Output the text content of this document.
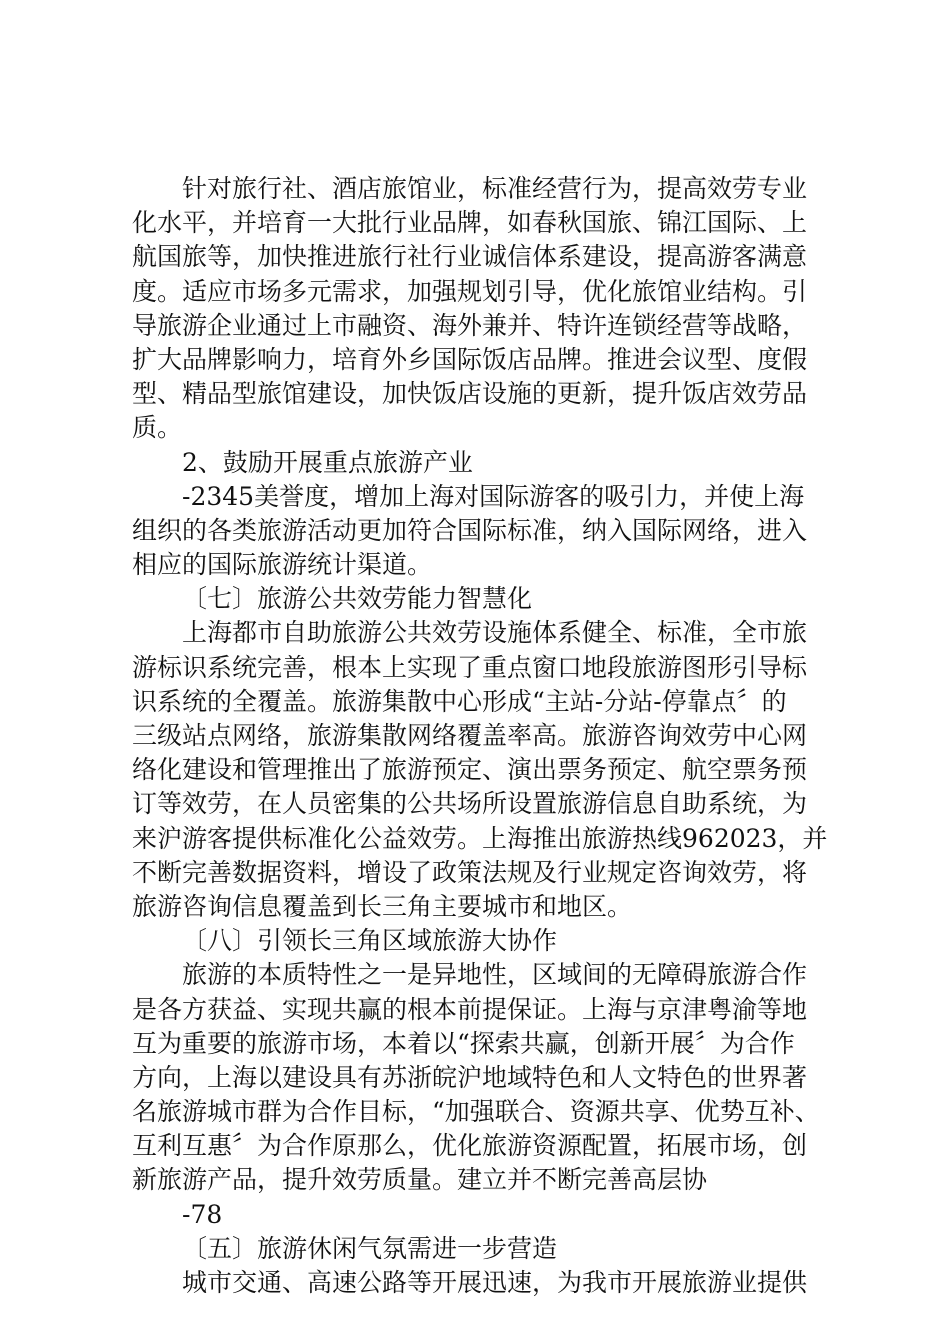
针对旅行社、酒店旅馆业，标准经营行为，提高效劳专业
化水平，并培育一大批行业品牌，如春秋国旅、锦江国际、上
航国旅等，加快推进旅行社行业诚信体系建设，提高游客满意
度。适应市场多元需求，加强规划引导，优化旅馆业结构。引
导旅游企业通过上市融资、海外兼并、特许连锁经营等战略，
扩大品牌影响力，培育外乡国际饭店品牌。推进会议型、度假
型、精品型旅馆建设，加快饭店设施的更新，提升饭店效劳品
质。
2、鼓励开展重点旅游产业
-2345美誉度，增加上海对国际游客的吸引力，并使上海
组织的各类旅游活动更加符合国际标准，纳入国际网络，进入
相应的国际旅游统计渠道。
〔七〕旅游公共效劳能力智慧化
上海都市自助旅游公共效劳设施体系健全、标准，全市旅
游标识系统完善，根本上实现了重点窗口地段旅游图形引导标
识系统的全覆盖。旅游集散中心形成“主站-分站-停靠点〞的
三级站点网络，旅游集散网络覆盖率高。旅游咨询效劳中心网
络化建设和管理推出了旅游预定、演出票务预定、航空票务预
订等效劳，在人员密集的公共场所设置旅游信息自助系统，为
来沪游客提供标准化公益效劳。上海推出旅游热线962023，并
不断完善数据资料，增设了政策法规及行业规定咨询效劳，将
旅游咨询信息覆盖到长三角主要城市和地区。
〔八〕引领长三角区域旅游大协作
旅游的本质特性之一是异地性，区域间的无障碍旅游合作
是各方获益、实现共赢的根本前提保证。上海与京津粤渝等地
互为重要的旅游市场，本着以“探索共赢，创新开展〞为合作
方向，上海以建设具有苏浙皖沪地域特色和人文特色的世界著
名旅游城市群为合作目标，“加强联合、资源共享、优势互补、
互利互惠〞为合作原那么，优化旅游资源配置，拓展市场，创
新旅游产品，提升效劳质量。建立并不断完善高层协
-78
〔五〕旅游休闲气氛需进一步营造
城市交通、高速公路等开展迅速，为我市开展旅游业提供
